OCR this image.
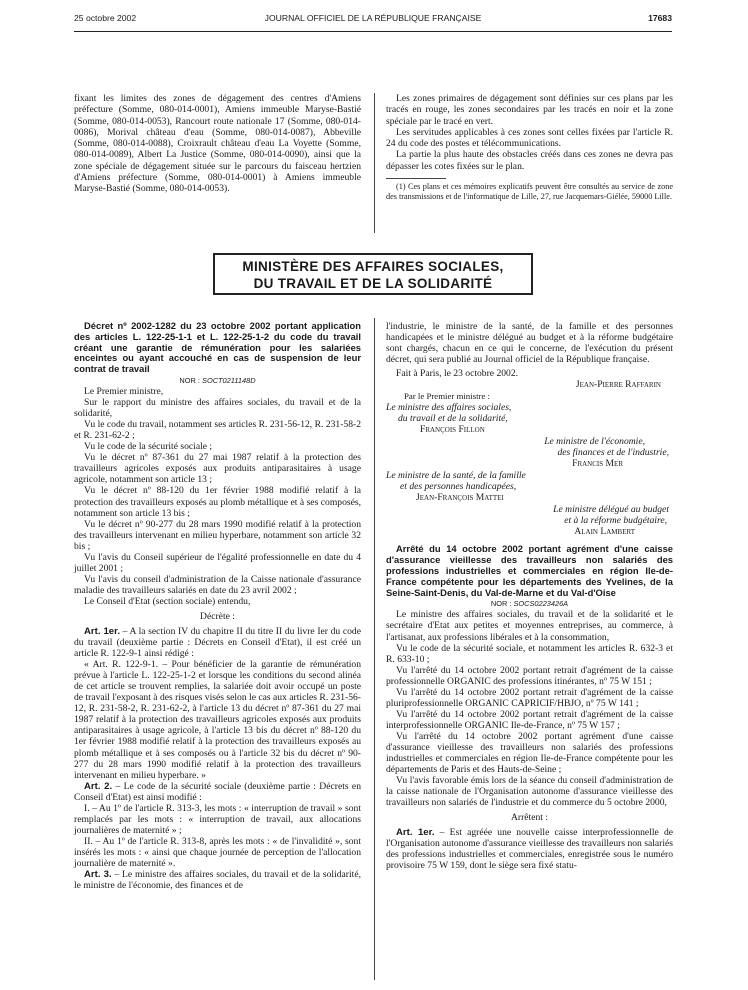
25 octobre 2002	JOURNAL OFFICIEL DE LA RÉPUBLIQUE FRANÇAISE	17683

fixant les limites des zones de dégagement des centres d'Amiens préfecture (Somme, 080-014-0001), Amiens immeuble Maryse-Bastié (Somme, 080-014-0053), Rancourt route nationale 17 (Somme, 080-014-0086), Morival château d'eau (Somme, 080-014-0087), Abbeville (Somme, 080-014-0088), Croixrault château d'eau La Voyette (Somme, 080-014-0089), Albert La Justice (Somme, 080-014-0090), ainsi que la zone spéciale de dégagement située sur le parcours du faisceau hertzien d'Amiens préfecture (Somme, 080-014-0001) à Amiens immeuble Maryse-Bastié (Somme, 080-014-0053).

Les zones primaires de dégagement sont définies sur ces plans par les tracés en rouge, les zones secondaires par les tracés en noir et la zone spéciale par le tracé en vert.

Les servitudes applicables à ces zones sont celles fixées par l'article R. 24 du code des postes et télécommunications.

La partie la plus haute des obstacles créés dans ces zones ne devra pas dépasser les cotes fixées sur le plan.

(1) Ces plans et ces mémoires explicatifs peuvent être consultés au service de zone des transmissions et de l'informatique de Lille, 27, rue Jacquemars-Giélée, 59000 Lille.

MINISTÈRE DES AFFAIRES SOCIALES,
DU TRAVAIL ET DE LA SOLIDARITÉ

Décret nº 2002-1282 du 23 octobre 2002 portant application des articles L. 122-25-1-1 et L. 122-25-1-2 du code du travail créant une garantie de rémunération pour les salariées enceintes ou ayant accouché en cas de suspension de leur contrat de travail

NOR : SOCT0211148D

Le Premier ministre,

Sur le rapport du ministre des affaires sociales, du travail et de la solidarité,

Vu le code du travail, notamment ses articles R. 231-56-12, R. 231-58-2 et R. 231-62-2 ;

Vu le code de la sécurité sociale ;

Vu le décret nº 87-361 du 27 mai 1987 relatif à la protection des travailleurs agricoles exposés aux produits antiparasitaires à usage agricole, notamment son article 13 ;

Vu le décret nº 88-120 du 1er février 1988 modifié relatif à la protection des travailleurs exposés au plomb métallique et à ses composés, notamment son article 13 bis ;

Vu le décret nº 90-277 du 28 mars 1990 modifié relatif à la protection des travailleurs intervenant en milieu hyperbare, notamment son article 32 bis ;

Vu l'avis du Conseil supérieur de l'égalité professionnelle en date du 4 juillet 2001 ;

Vu l'avis du conseil d'administration de la Caisse nationale d'assurance maladie des travailleurs salariés en date du 23 avril 2002 ;

Le Conseil d'Etat (section sociale) entendu,

Décrète :

Art. 1er. – A la section IV du chapitre II du titre II du livre Ier du code du travail (deuxième partie : Décrets en Conseil d'Etat), il est créé un article R. 122-9-1 ainsi rédigé :

« Art. R. 122-9-1. – Pour bénéficier de la garantie de rémunération prévue à l'article L. 122-25-1-2 et lorsque les conditions du second alinéa de cet article se trouvent remplies, la salariée doit avoir occupé un poste de travail l'exposant à des risques visés selon le cas aux articles R. 231-56-12, R. 231-58-2, R. 231-62-2, à l'article 13 du décret nº 87-361 du 27 mai 1987 relatif à la protection des travailleurs agricoles exposés aux produits antiparasitaires à usage agricole, à l'article 13 bis du décret nº 88-120 du 1er février 1988 modifié relatif à la protection des travailleurs exposés au plomb métallique et à ses composés ou à l'article 32 bis du décret nº 90-277 du 28 mars 1990 modifié relatif à la protection des travailleurs intervenant en milieu hyperbare. »

Art. 2. – Le code de la sécurité sociale (deuxième partie : Décrets en Conseil d'Etat) est ainsi modifié :

I. – Au 1º de l'article R. 313-3, les mots : « interruption de travail » sont remplacés par les mots : « interruption de travail, aux allocations journalières de maternité » ;

II. – Au 1º de l'article R. 313-8, après les mots : « de l'invalidité », sont insérés les mots : « ainsi que chaque journée de perception de l'allocation journalière de maternité ».

Art. 3. – Le ministre des affaires sociales, du travail et de la solidarité, le ministre de l'économie, des finances et de

l'industrie, le ministre de la santé, de la famille et des personnes handicapées et le ministre délégué au budget et à la réforme budgétaire sont chargés, chacun en ce qui le concerne, de l'exécution du présent décret, qui sera publié au Journal officiel de la République française.

Fait à Paris, le 23 octobre 2002.

Jean-Pierre Raffarin

Par le Premier ministre :

Le ministre des affaires sociales,

du travail et de la solidarité,

François Fillon

Le ministre de l'économie,

des finances et de l'industrie,

Francis Mer

Le ministre de la santé, de la famille

et des personnes handicapées,

Jean-François Mattei

Le ministre délégué au budget

et à la réforme budgétaire,

Alain Lambert

Arrêté du 14 octobre 2002 portant agrément d'une caisse d'assurance vieillesse des travailleurs non salariés des professions industrielles et commerciales en région Ile-de-France compétente pour les départements des Yvelines, de la Seine-Saint-Denis, du Val-de-Marne et du Val-d'Oise

NOR : SOCS0223426A

Le ministre des affaires sociales, du travail et de la solidarité et le secrétaire d'Etat aux petites et moyennes entreprises, au commerce, à l'artisanat, aux professions libérales et à la consommation,

Vu le code de la sécurité sociale, et notamment les articles R. 632-3 et R. 633-10 ;

Vu l'arrêté du 14 octobre 2002 portant retrait d'agrément de la caisse professionnelle ORGANIC des professions itinérantes, nº 75 W 151 ;

Vu l'arrêté du 14 octobre 2002 portant retrait d'agrément de la caisse pluriprofessionnelle ORGANIC CAPRICIF/HBJO, nº 75 W 141 ;

Vu l'arrêté du 14 octobre 2002 portant retrait d'agrément de la caisse interprofessionnelle ORGANIC Ile-de-France, nº 75 W 157 ;

Vu l'arrêté du 14 octobre 2002 portant agrément d'une caisse d'assurance vieillesse des travailleurs non salariés des professions industrielles et commerciales en région Ile-de-France compétente pour les départements de Paris et des Hauts-de-Seine ;

Vu l'avis favorable émis lors de la séance du conseil d'administration de la caisse nationale de l'Organisation autonome d'assurance vieillesse des travailleurs non salariés de l'industrie et du commerce du 5 octobre 2000,

Arrêtent :

Art. 1er. – Est agréée une nouvelle caisse interprofessionnelle de l'Organisation autonome d'assurance vieillesse des travailleurs non salariés des professions industrielles et commerciales, enregistrée sous le numéro provisoire 75 W 159, dont le siège sera fixé statu-
